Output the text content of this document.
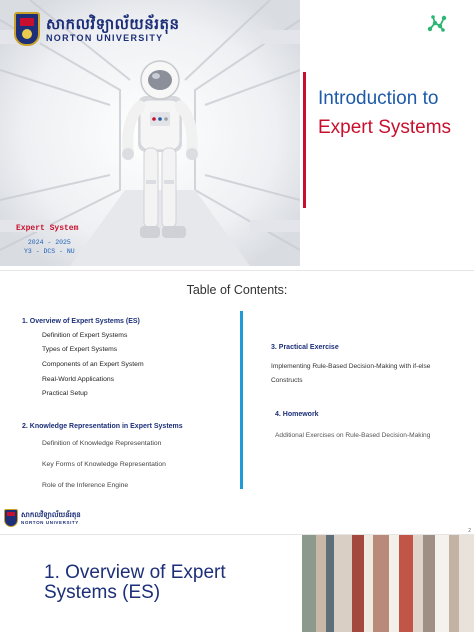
សាកលវិទ្យាល័យន័រតុន
NORTON UNIVERSITY
Expert System
2024 - 2025
Y3 - DCS - NU
Introduction to
Expert Systems
Table of Contents:
1. Overview of Expert Systems (ES)
Definition of Expert Systems
Types of Expert Systems
Components of an Expert System
Real-World Applications
Practical Setup
2. Knowledge Representation in Expert Systems
Definition of Knowledge Representation
Key Forms of Knowledge Representation
Role of the Inference Engine
3. Practical Exercise
Implementing Rule-Based Decision-Making with if-else Constructs
4. Homework
Additional Exercises on Rule-Based Decision-Making
សាកលវិទ្យាល័យន័រតុន
NORTON UNIVERSITY
2
1. Overview of Expert
Systems (ES)
